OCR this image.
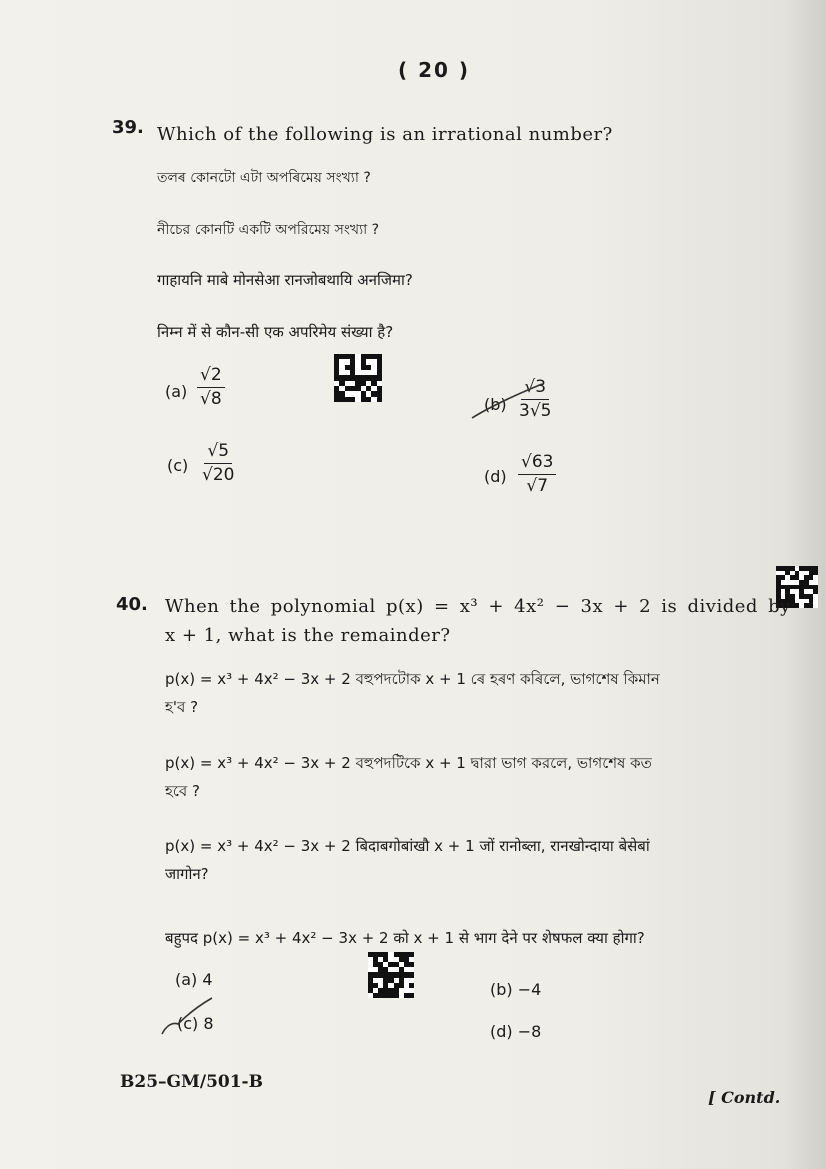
( 20 )
39. Which of the following is an irrational number?
তলৰ কোনটো এটা অপৰিমেয় সংখ্যা ?
নীচের কোনটি একটি অপরিমেয় সংখ্যা ?
गाहायनि माबे मोनसेआ रानजोबथायि अनजिमा?
निम्न में से कौन-सी एक अपरिमेय संख्या है?
$(a) \frac{√2}{√8}$	$(b) \frac{√3}{3√5}$
$(c) \frac{√5}{√20}$	$(d) \frac{√63}{√7}$
40. When the polynomial p(x) = x³ + 4x² − 3x + 2 is divided by
x + 1, what is the remainder?
p(x) = x³ + 4x² − 3x + 2 বহুপদটোক x + 1 ৰে হৰণ কৰিলে, ভাগশেষ কিমান
হ'ব ?
p(x) = x³ + 4x² − 3x + 2 বহুপদটিকে x + 1 দ্বারা ভাগ করলে, ভাগশেষ কত
হবে ?
p(x) = x³ + 4x² − 3x + 2 बिदाबगोबांखौ x + 1 जों रानोब्ला, रानखोन्दाया बेसेबां
जागोन?
बहुपद p(x) = x³ + 4x² − 3x + 2 को x + 1 से भाग देने पर शेषफल क्या होगा?
(a) 4
(b) −4
(c) 8	(d) −8
B25–GM/501-B
[ Contd.
